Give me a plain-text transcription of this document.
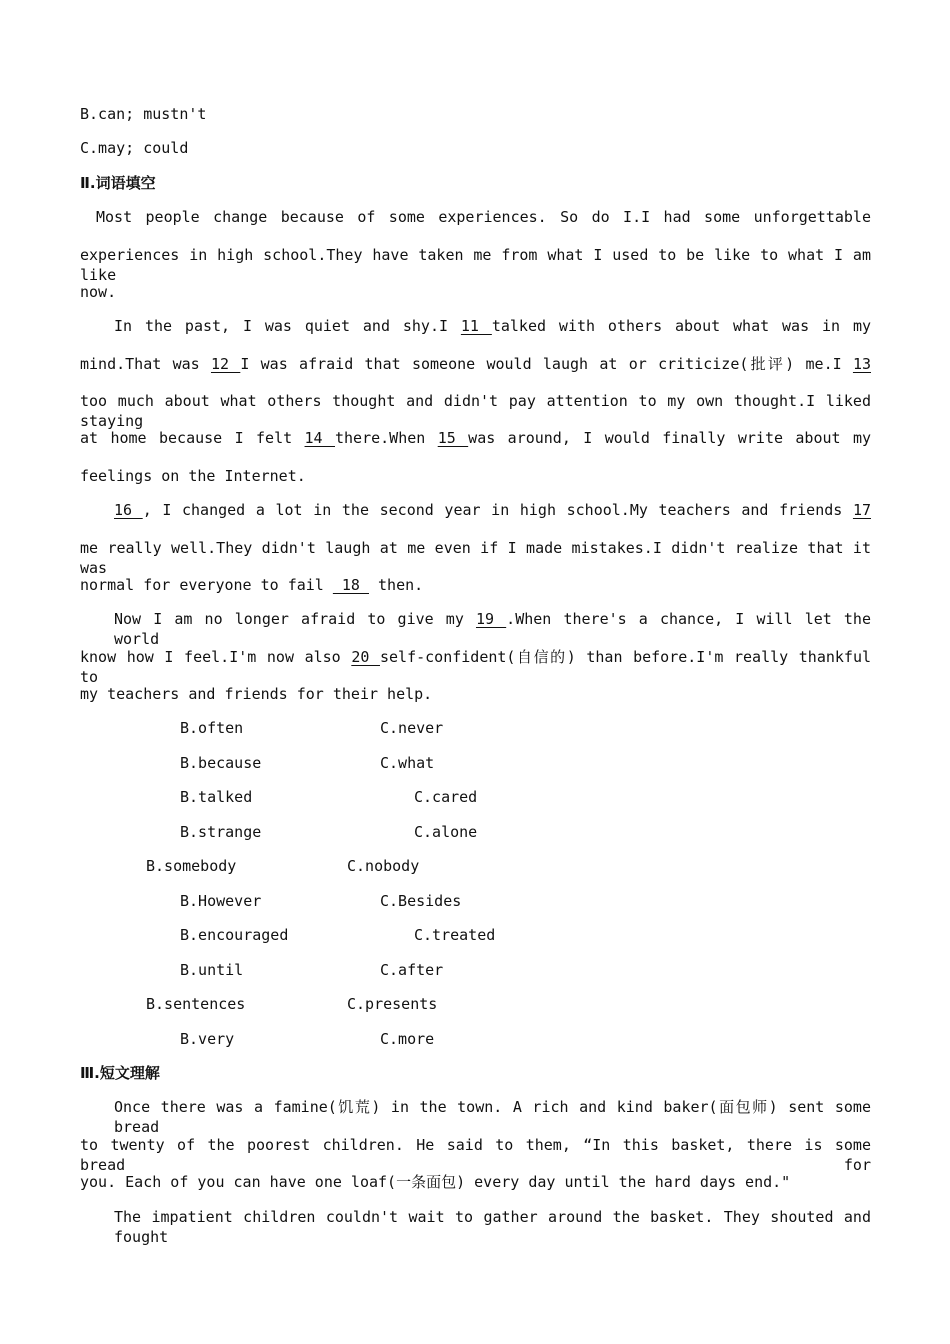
B.can; mustn't
C.may; could
Ⅱ.词语填空
Most people change because of some experiences. So do I.I had some unforgettable
experiences in high school.They have taken me from what I used to be like to what I am like
now.
In the past, I was quiet and shy.I 11 talked with others about what was in my
mind.That was 12 I was afraid that someone would laugh at or criticize(批评) me.I 13
too much about what others thought and didn't pay attention to my own thought.I liked staying
at home because I felt 14 there.When 15 was around, I would finally write about my
feelings on the Internet.
16 , I changed a lot in the second year in high school.My teachers and friends 17
me really well.They didn't laugh at me even if I made mistakes.I didn't realize that it was
normal for everyone to fail  18  then.
Now I am no longer afraid to give my 19 .When there's a chance, I will let the world
know how I feel.I'm now also 20 self-confident(自信的) than before.I'm really thankful to
my teachers and friends for their help.
B.often	C.never
B.because	C.what
B.talked	C.cared
B.strange	C.alone
B.somebody	C.nobody
B.However	C.Besides
B.encouraged	C.treated
B.until	C.after
B.sentences	C.presents
B.very	C.more
Ⅲ.短文理解
Once there was a famine(饥荒) in the town. A rich and kind baker(面包师) sent some bread
to twenty of the poorest children. He said to them, “In this basket, there is some bread for
you. Each of you can have one loaf(一条面包) every day until the hard days end."
The impatient children couldn't wait to gather around the basket. They shouted and fought
